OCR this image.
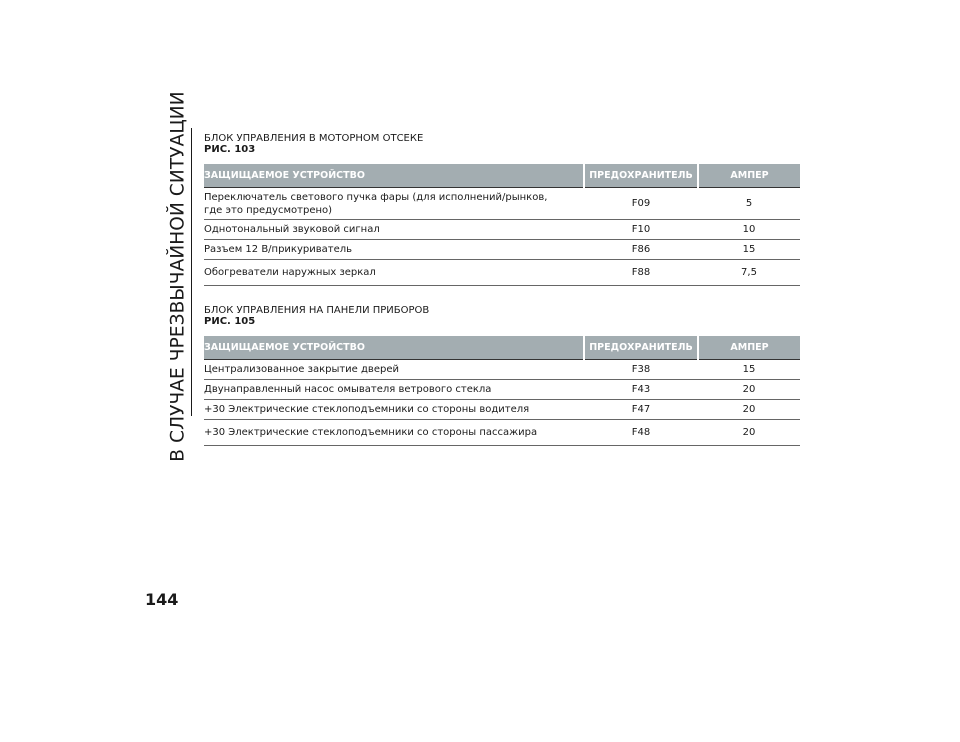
В СЛУЧАЕ ЧРЕЗВЫЧАЙНОЙ СИТУАЦИИ БЛОК УПРАВЛЕНИЯ В МОТОРНОМ ОТСЕКЕ
РИС. 103
ЗАЩИЩАЕМОЕ УСТРОЙСТВО	ПРЕДОХРАНИТЕЛЬ	АМПЕР
Переключатель светового пучка фары (для исполнений/рынков, где это предусмотрено)	F09	5
Однотональный звуковой сигнал	F10	10
Разъем 12 В/прикуриватель	F86	15
Обогреватели наружных зеркал	F88	7,5
БЛОК УПРАВЛЕНИЯ НА ПАНЕЛИ ПРИБОРОВ
РИС. 105
ЗАЩИЩАЕМОЕ УСТРОЙСТВО	ПРЕДОХРАНИТЕЛЬ	АМПЕР
Централизованное закрытие дверей	F38	15
Двунаправленный насос омывателя ветрового стекла	F43	20
+30 Электрические стеклоподъемники со стороны водителя	F47	20
+30 Электрические стеклоподъемники со стороны пассажира	F48	20
144
